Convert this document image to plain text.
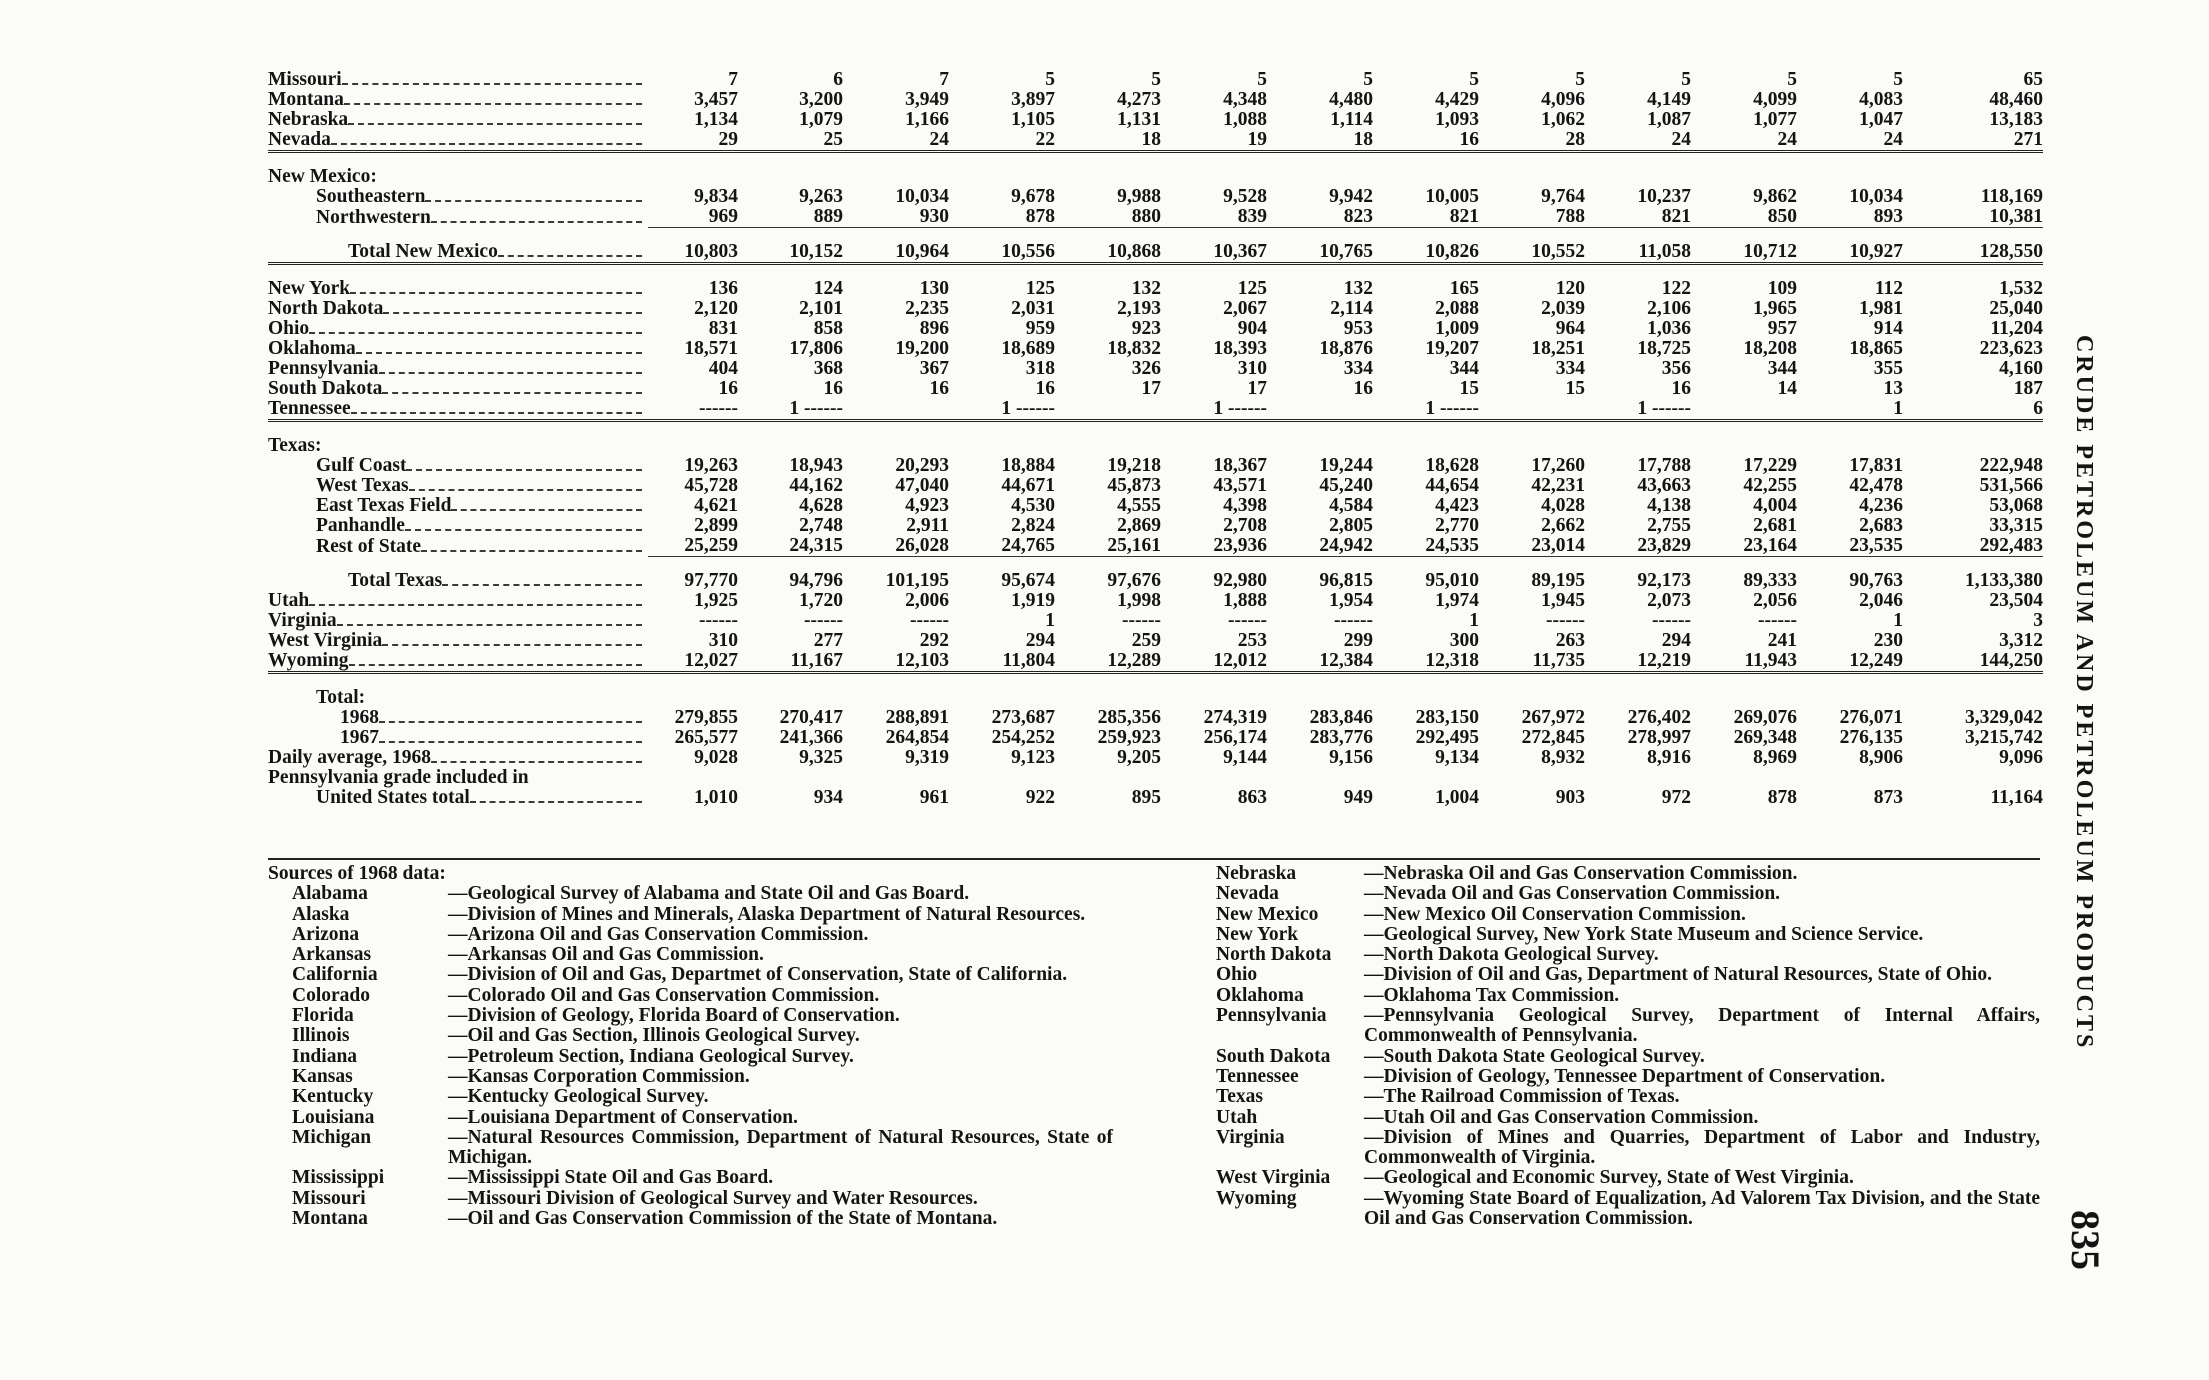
Missouri	7	6	7	5	5	5	5	5	5	5	5	5	65

Montana	3,457	3,200	3,949	3,897	4,273	4,348	4,480	4,429	4,096	4,149	4,099	4,083	48,460

Nebraska	1,134	1,079	1,166	1,105	1,131	1,088	1,114	1,093	1,062	1,087	1,077	1,047	13,183

Nevada	29	25	24	22	18	19	18	16	28	24	24	24	271

New Mexico:													

Southeastern	9,834	9,263	10,034	9,678	9,988	9,528	9,942	10,005	9,764	10,237	9,862	10,034	118,169

Northwestern	969	889	930	878	880	839	823	821	788	821	850	893	10,381

Total New Mexico	10,803	10,152	10,964	10,556	10,868	10,367	10,765	10,826	10,552	11,058	10,712	10,927	128,550

New York	136	124	130	125	132	125	132	165	120	122	109	112	1,532

North Dakota	2,120	2,101	2,235	2,031	2,193	2,067	2,114	2,088	2,039	2,106	1,965	1,981	25,040

Ohio	831	858	896	959	923	904	953	1,009	964	1,036	957	914	11,204

Oklahoma	18,571	17,806	19,200	18,689	18,832	18,393	18,876	19,207	18,251	18,725	18,208	18,865	223,623

Pennsylvania	404	368	367	318	326	310	334	344	334	356	344	355	4,160

South Dakota	16	16	16	16	17	17	16	15	15	16	14	13	187

Tennessee	------	1 ------		1 ------		1 ------		1 ------		1 ------		1	6

Texas:													

Gulf Coast	19,263	18,943	20,293	18,884	19,218	18,367	19,244	18,628	17,260	17,788	17,229	17,831	222,948

West Texas	45,728	44,162	47,040	44,671	45,873	43,571	45,240	44,654	42,231	43,663	42,255	42,478	531,566

East Texas Field	4,621	4,628	4,923	4,530	4,555	4,398	4,584	4,423	4,028	4,138	4,004	4,236	53,068

Panhandle	2,899	2,748	2,911	2,824	2,869	2,708	2,805	2,770	2,662	2,755	2,681	2,683	33,315

Rest of State	25,259	24,315	26,028	24,765	25,161	23,936	24,942	24,535	23,014	23,829	23,164	23,535	292,483

Total Texas	97,770	94,796	101,195	95,674	97,676	92,980	96,815	95,010	89,195	92,173	89,333	90,763	1,133,380

Utah	1,925	1,720	2,006	1,919	1,998	1,888	1,954	1,974	1,945	2,073	2,056	2,046	23,504

Virginia	------	------	------	1	------	------	------	1	------	------	------	1	3

West Virginia	310	277	292	294	259	253	299	300	263	294	241	230	3,312

Wyoming	12,027	11,167	12,103	11,804	12,289	12,012	12,384	12,318	11,735	12,219	11,943	12,249	144,250

Total:													

1968	279,855	270,417	288,891	273,687	285,356	274,319	283,846	283,150	267,972	276,402	269,076	276,071	3,329,042

1967	265,577	241,366	264,854	254,252	259,923	256,174	283,776	292,495	272,845	278,997	269,348	276,135	3,215,742

Daily average, 1968	9,028	9,325	9,319	9,123	9,205	9,144	9,156	9,134	8,932	8,916	8,969	8,906	9,096
Pennsylvania grade included in													

United States total	1,010	934	961	922	895	863	949	1,004	903	972	878	873	11,164
Sources of 1968 data:
Alabama	—Geological Survey of Alabama and State Oil and Gas Board.
Alaska	—Division of Mines and Minerals, Alaska Department of Natural Resources.
Arizona	—Arizona Oil and Gas Conservation Commission.
Arkansas	—Arkansas Oil and Gas Commission.
California	—Division of Oil and Gas, Departmet of Conservation, State of California.
Colorado	—Colorado Oil and Gas Conservation Commission.
Florida	—Division of Geology, Florida Board of Conservation.
Illinois	—Oil and Gas Section, Illinois Geological Survey.
Indiana	—Petroleum Section, Indiana Geological Survey.
Kansas	—Kansas Corporation Commission.
Kentucky	—Kentucky Geological Survey.
Louisiana	—Louisiana Department of Conservation.
Michigan	—Natural Resources Commission, Department of Natural Resources, State of Michigan.
Mississippi	—Mississippi State Oil and Gas Board.
Missouri	—Missouri Division of Geological Survey and Water Resources.
Montana	—Oil and Gas Conservation Commission of the State of Montana.
Nebraska	—Nebraska Oil and Gas Conservation Commission.
Nevada	—Nevada Oil and Gas Conservation Commission.
New Mexico	—New Mexico Oil Conservation Commission.
New York	—Geological Survey, New York State Museum and Science Service.
North Dakota	—North Dakota Geological Survey.
Ohio	—Division of Oil and Gas, Department of Natural Resources, State of Ohio.
Oklahoma	—Oklahoma Tax Commission.
Pennsylvania	—Pennsylvania Geological Survey, Department of Internal Affairs, Commonwealth of Pennsylvania.
South Dakota	—South Dakota State Geological Survey.
Tennessee	—Division of Geology, Tennessee Department of Conservation.
Texas	—The Railroad Commission of Texas.
Utah	—Utah Oil and Gas Conservation Commission.
Virginia	—Division of Mines and Quarries, Department of Labor and Industry, Commonwealth of Virginia.
West Virginia	—Geological and Economic Survey, State of West Virginia.
Wyoming	—Wyoming State Board of Equalization, Ad Valorem Tax Division, and the State Oil and Gas Conservation Commission.
CRUDE PETROLEUM AND PETROLEUM PRODUCTS
835
